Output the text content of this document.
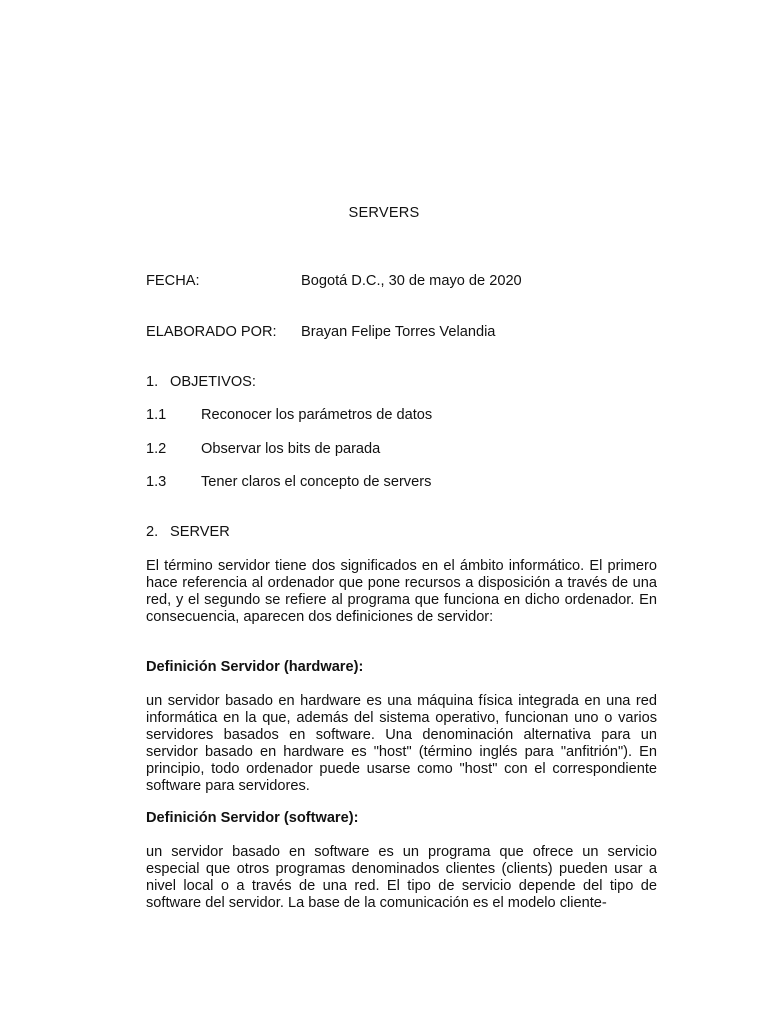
SERVERS
FECHA:	Bogotá D.C., 30 de mayo de 2020
ELABORADO POR: Brayan Felipe Torres Velandia
1. OBJETIVOS:
1.1 Reconocer los parámetros de datos
1.2 Observar los bits de parada
1.3 Tener claros el concepto de servers
2. SERVER
El término servidor tiene dos significados en el ámbito informático. El primero hace referencia al ordenador que pone recursos a disposición a través de una red, y el segundo se refiere al programa que funciona en dicho ordenador. En consecuencia, aparecen dos definiciones de servidor:
Definición Servidor (hardware):
un servidor basado en hardware es una máquina física integrada en una red informática en la que, además del sistema operativo, funcionan uno o varios servidores basados en software. Una denominación alternativa para un servidor basado en hardware es "host" (término inglés para "anfitrión"). En principio, todo ordenador puede usarse como "host" con el correspondiente software para servidores.
Definición Servidor (software):
un servidor basado en software es un programa que ofrece un servicio especial que otros programas denominados clientes (clients) pueden usar a nivel local o a través de una red. El tipo de servicio depende del tipo de software del servidor. La base de la comunicación es el modelo cliente-
